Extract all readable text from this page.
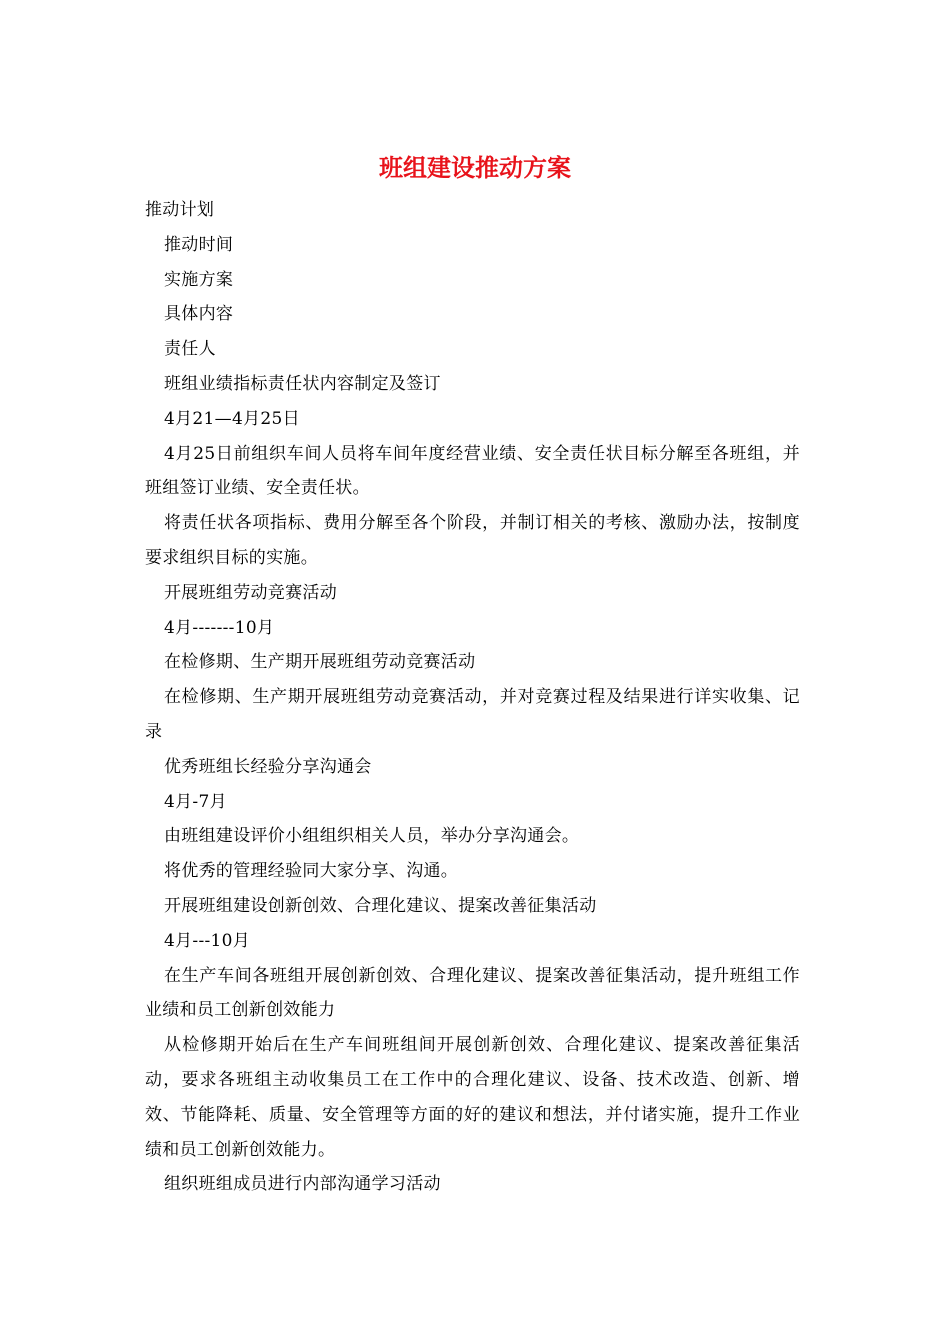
班组建设推动方案

推动计划

推动时间

实施方案

具体内容

责任人

班组业绩指标责任状内容制定及签订

4月21—4月25日

4月25日前组织车间人员将车间年度经营业绩、安全责任状目标分解至各班组，并班组签订业绩、安全责任状。

将责任状各项指标、费用分解至各个阶段，并制订相关的考核、激励办法，按制度要求组织目标的实施。

开展班组劳动竞赛活动

4月-------10月

在检修期、生产期开展班组劳动竞赛活动

在检修期、生产期开展班组劳动竞赛活动，并对竞赛过程及结果进行详实收集、记录

优秀班组长经验分享沟通会

4月-7月

由班组建设评价小组组织相关人员，举办分享沟通会。

将优秀的管理经验同大家分享、沟通。

开展班组建设创新创效、合理化建议、提案改善征集活动

4月---10月

在生产车间各班组开展创新创效、合理化建议、提案改善征集活动，提升班组工作业绩和员工创新创效能力

从检修期开始后在生产车间班组间开展创新创效、合理化建议、提案改善征集活动，要求各班组主动收集员工在工作中的合理化建议、设备、技术改造、创新、增效、节能降耗、质量、安全管理等方面的好的建议和想法，并付诸实施，提升工作业绩和员工创新创效能力。

组织班组成员进行内部沟通学习活动
